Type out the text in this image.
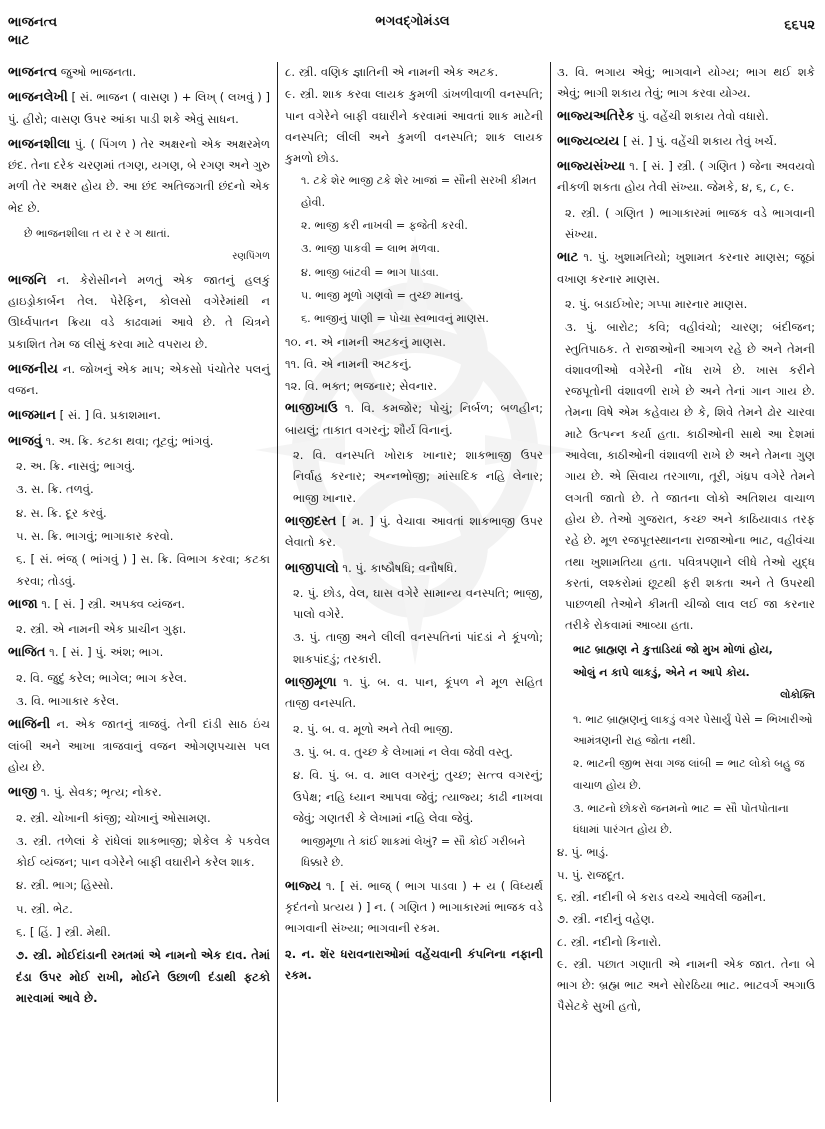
ભાજનત્વ
ભાટ
ભગવદ્ગોમંડલ	૬૬૫૨

ભાજનત્વ જુઓ ભાજનતા.

ભાજનલેખી [ સં. ભાજન ( વાસણ ) + લિખ્ ( લખવું ) ] પું. હીરો; વાસણ ઉપર આંકા પાડી શકે એવું સાધન.

ભાજનશીલા પું. ( પિંગળ ) તેર અક્ષરનો એક અક્ષરમેળ છંદ. તેના દરેક ચરણમાં તગણ, યગણ, બે રગણ અને ગુરુ મળી તેર અક્ષર હોય છે. આ છંદ અતિજગતી છંદનો એક ભેદ છે.

છે ભાજનશીલા ત ય ર ર ગ થાતાં.

રણપિંગળ

ભાજનિ ન. કેરોસીનને મળતું એક જાતનું હલકું હાઇડ્રોકાર્બન તેલ. પેરેફિન, કોલસો વગેરેમાંથી ન ઊર્ધ્વપાતન ક્રિયા વડે કાઢવામાં આવે છે. તે ચિત્રને પ્રકાશિત તેમ જ લીસું કરવા માટે વપરાય છે.

ભાજનીય ન. જોખનું એક માપ; એકસો પંચોતેર પલનું વજન.

ભાજમાન [ સં. ] વિ. પ્રકાશમાન.

ભાજવું ૧. અ. ક્રિ. કટકા થવા; તૂટવું; ભાંગવું.

૨. અ. ક્રિ. નાસવું; ભાગવું.

૩. સ. ક્રિ. તળવું.

૪. સ. ક્રિ. દૂર કરવું.

૫. સ. ક્રિ. ભાગવું; ભાગાકાર કરવો.

૬. [ સં. ભંજ્ ( ભાંગવું ) ] સ. ક્રિ. વિભાગ કરવા; કટકા કરવા; તોડવું.

ભાજા ૧. [ સં. ] સ્ત્રી. અપક્વ વ્યંજન.

૨. સ્ત્રી. એ નામની એક પ્રાચીન ગુફા.

ભાજિત ૧. [ સં. ] પું. અંશ; ભાગ.

૨. વિ. જુદું કરેલ; ભાગેલ; ભાગ કરેલ.

૩. વિ. ભાગાકાર કરેલ.

ભાજિની ન. એક જાતનું ત્રાજવું. તેની દાંડી સાઠ ઇંચ લાંબી અને આખા ત્રાજવાનું વજન ઓગણપચાસ પલ હોય છે.

ભાજી ૧. પું. સેવક; ભૃત્ય; નોકર.

૨. સ્ત્રી. ચોખાની કાંજી; ચોખાનું ઓસામણ.

૩. સ્ત્રી. તળેલાં કે રાંધેલાં શાકભાજી; શેકેલ કે પકવેલ કોઈ વ્યંજન; પાન વગેરેને બાફી વઘારીને કરેલ શાક.

૪. સ્ત્રી. ભાગ; હિસ્સો.

૫. સ્ત્રી. ભેટ.

૬. [ હિં. ] સ્ત્રી. મેથી.

૭. સ્ત્રી. મોઈદાંડાની રમતમાં એ નામનો એક દાવ. તેમાં દંડા ઉપર મોઈ રાખી, મોઈને ઉછાળી દંડાથી ફટકો મારવામાં આવે છે.

૮. સ્ત્રી. વણિક જ્ઞાતિની એ નામની એક અટક.

૯. સ્ત્રી. શાક કરવા લાયક કુમળી ડાંખળીવાળી વનસ્પતિ; પાન વગેરેને બાફી વઘારીને કરવામાં આવતાં શાક માટેની વનસ્પતિ; લીલી અને કુમળી વનસ્પતિ; શાક લાયક કુમળો છોડ.

૧. ટકે શેર ભાજી ટકે શેર ખાજાં = સૌની સરખી કીમત હોવી.

૨. ભાજી કરી નાખવી = ફજેતી કરવી.

૩. ભાજી પાકવી = લાભ મળવા.

૪. ભાજી બાંટવી = ભાગ પાડવા.

૫. ભાજી મૂળો ગણવો = તુચ્છ માનવું.

૬. ભાજીનું પાણી = પોચા સ્વભાવનું માણસ.

૧૦. ન. એ નામની અટકનું માણસ.

૧૧. વિ. એ નામની અટકનું.

૧૨. વિ. ભક્ત; ભજનાર; સેવનાર.

ભાજીખાઉ ૧. વિ. કમજોર; પોચું; નિર્બળ; બળહીન; બાયલું; તાકાત વગરનું; શૌર્ય વિનાનું.

૨. વિ. વનસ્પતિ ખોરાક ખાનાર; શાકભાજી ઉપર નિર્વાહ કરનાર; અન્નભોજી; માંસાદિક નહિ લેનાર; ભાજી ખાનાર.

ભાજીદસ્ત [ મ. ] પું. વેચાવા આવતાં શાકભાજી ઉપર લેવાતો કર.

ભાજીપાલો ૧. પું. કાષ્ઠૌષધિ; વનૌષધિ.

૨. પું. છોડ, વેલ, ઘાસ વગેરે સામાન્ય વનસ્પતિ; ભાજી, પાલો વગેરે.

૩. પું. તાજી અને લીલી વનસ્પતિનાં પાંદડાં ને કૂંપળો; શાકપાંદડું; તરકારી.

ભાજીમૂળા ૧. પું. બ. વ. પાન, કૂંપળ ને મૂળ સહિત તાજી વનસ્પતિ.

૨. પું. બ. વ. મૂળો અને તેવી ભાજી.

૩. પું. બ. વ. તુચ્છ કે લેખામાં ન લેવા જેવી વસ્તુ.

૪. વિ. પું. બ. વ. માલ વગરનું; તુચ્છ; સત્ત્વ વગરનું; ઉપેક્ષ; નહિ ધ્યાન આપવા જેવું; ત્યાજ્ય; કાઢી નાખવા જેવું; ગણતરી કે લેખામાં નહિ લેવા જેવું.

ભાજીમૂળા તે કાંઈ શાકમાં લેખું? = સૌ કોઈ ગરીબને ધિક્કારે છે.

ભાજ્ય ૧. [ સં. ભાજ્ ( ભાગ પાડવા ) + ય ( વિધ્યર્થ કૃદંતનો પ્રત્યય ) ] ન. ( ગણિત ) ભાગાકારમાં ભાજક વડે ભાગવાની સંખ્યા; ભાગવાની રકમ.

૨. ન. શૅર ધરાવનારાઓમાં વહેંચવાની કંપનિના નફાની રકમ.

૩. વિ. ભગાય એવું; ભાગવાને યોગ્ય; ભાગ થઈ શકે એવું; ભાગી શકાય તેવું; ભાગ કરવા યોગ્ય.

ભાજ્યઅતિરેક પું. વહેંચી શકાય તેવો વધારો.

ભાજ્યવ્યય [ સં. ] પું. વહેંચી શકાય તેવું ખર્ચ.

ભાજ્યસંખ્યા ૧. [ સં. ] સ્ત્રી. ( ગણિત ) જેના અવયવો નીકળી શકતા હોય તેવી સંખ્યા. જેમકે, ૪, ૬, ૮, ૯.

૨. સ્ત્રી. ( ગણિત ) ભાગાકારમાં ભાજક વડે ભાગવાની સંખ્યા.

ભાટ ૧. પું. ખુશામતિયો; ખુશામત કરનાર માણસ; જૂઠાં વખાણ કરનાર માણસ.

૨. પું. બડાઈખોર; ગપ્પા મારનાર માણસ.

૩. પું. બારોટ; કવિ; વહીવંચો; ચારણ; બંદીજન; સ્તુતિપાઠક. તે રાજાઓની આગળ રહે છે અને તેમની વંશાવળીઓ વગેરેની નોંધ રાખે છે. ખાસ કરીને રજપૂતોની વંશાવળી રાખે છે અને તેનાં ગાન ગાય છે. તેમના વિષે એમ કહેવાય છે કે, શિવે તેમને ઢોર ચારવા માટે ઉત્પન્ન કર્યા હતા. કાઠીઓની સાથે આ દેશમાં આવેલા, કાઠીઓની વંશાવળી રાખે છે અને તેમના ગુણ ગાય છે. એ સિવાય તરગાળા, તૂરી, ગંધ્રપ વગેરે તેમને લગતી જાતો છે. તે જાતના લોકો અતિશય વાચાળ હોય છે. તેઓ ગુજરાત, કચ્છ અને કાઠિયાવાડ તરફ રહે છે. મૂળ રજપૂતસ્થાનના રાજાઓના ભાટ, વહીવંચા તથા ખુશામતિયા હતા. પવિત્રપણાને લીધે તેઓ યુદ્ધ કરતાં, લશ્કરોમાં છૂટથી ફરી શકતા અને તે ઉપરથી પાછળથી તેઓને કીમતી ચીજો લાવ લઈ જા કરનાર તરીકે રોકવામાં આવ્યા હતા.

ભાટ બ્રાહ્મણ ને કુત્તાડિયાં જો મુખ મોળાં હોય,

ઓલું ન કાપે લાકડું, એને ન આપે કોય.

લોકોક્તિ

૧. ભાટ બ્રાહ્મણનું લાકડું વગર પેસાર્યું પેસે = ભિખારીઓ આમંત્રણની રાહ જોતા નથી.

૨. ભાટની જીભ સવા ગજ લાંબી = ભાટ લોકો બહુ જ વાચાળ હોય છે.

૩. ભાટનો છોકરો જનમનો ભાટ = સૌ પોતપોતાના ધંધામાં પારંગત હોય છે.

૪. પું. ભાડું.

૫. પું. રાજદૂત.

૬. સ્ત્રી. નદીની બે કરાડ વચ્ચે આવેલી જમીન.

૭. સ્ત્રી. નદીનું વહેણ.

૮. સ્ત્રી. નદીનો કિનારો.

૯. સ્ત્રી. પછાત ગણાતી એ નામની એક જાત. તેના બે ભાગ છે: બ્રહ્મ ભાટ અને સોરઠિયા ભાટ. ભાટવર્ગ અગાઉ પૈસેટકે સુખી હતો,
